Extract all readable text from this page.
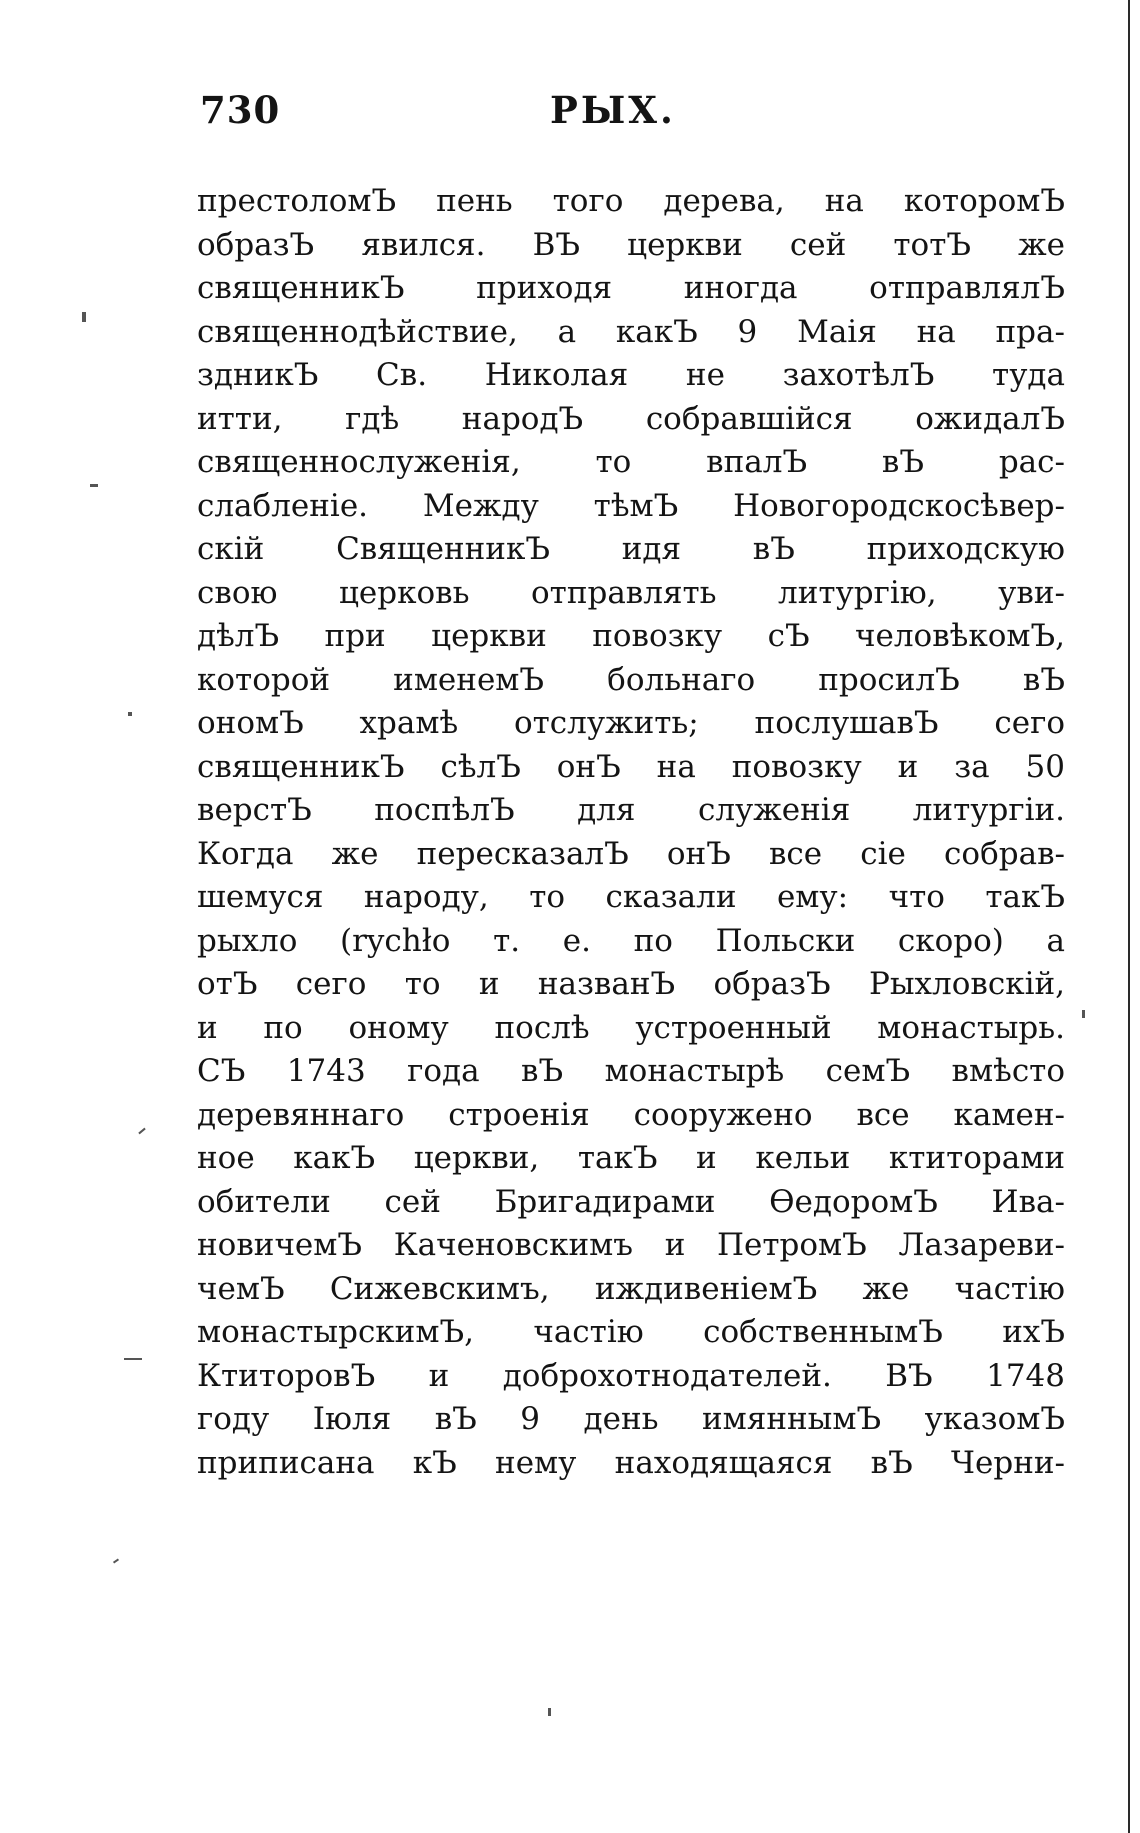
730	РЫХ.
престоломЪ пень того дерева, на которомЪ
образЪ явился. ВЪ церкви сей тотЪ же
священникЪ приходя иногда отправлялЪ
священнодѣйствие, а какЪ 9 Маія на пра-
здникЪ Св. Николая не захотѣлЪ туда
итти, гдѣ народЪ собравшійся ожидалЪ
священнослуженія, то впалЪ вЪ рас-
слабленіе. Между тѣмЪ Новогородскосѣвер-
скій СвященникЪ идя вЪ приходскую
свою церковь отправлять литургію, уви-
дѣлЪ при церкви повозку сЪ человѣкомЪ,
которой именемЪ больнаго просилЪ вЪ
ономЪ храмѣ отслужить; послушавЪ сего
священникЪ сѣлЪ онЪ на повозку и за 50
верстЪ поспѣлЪ для служенія литургіи.
Когда же пересказалЪ онЪ все сіе собрав-
шемуся народу, то сказали ему: что такЪ
рыхло (rychło т. е. по Польски скоро) а
отЪ сего то и названЪ образЪ Рыхловскій,
и по оному послѣ устроенный монастырь.
СЪ 1743 года вЪ монастырѣ семЪ вмѣсто
деревяннаго строенія сооружено все камен-
ное какЪ церкви, такЪ и кельи ктиторами
обители сей Бригадирами ѲедоромЪ Ива-
новичемЪ Каченовскимъ и ПетромЪ Лазареви-
чемЪ Сижевскимъ, иждивеніемЪ же частію
монастырскимЪ, частію собственнымЪ ихЪ
КтиторовЪ и доброхотнодателей. ВЪ 1748
году Іюля вЪ 9 день имяннымЪ указомЪ
приписана кЪ нему находящаяся вЪ Черни-
